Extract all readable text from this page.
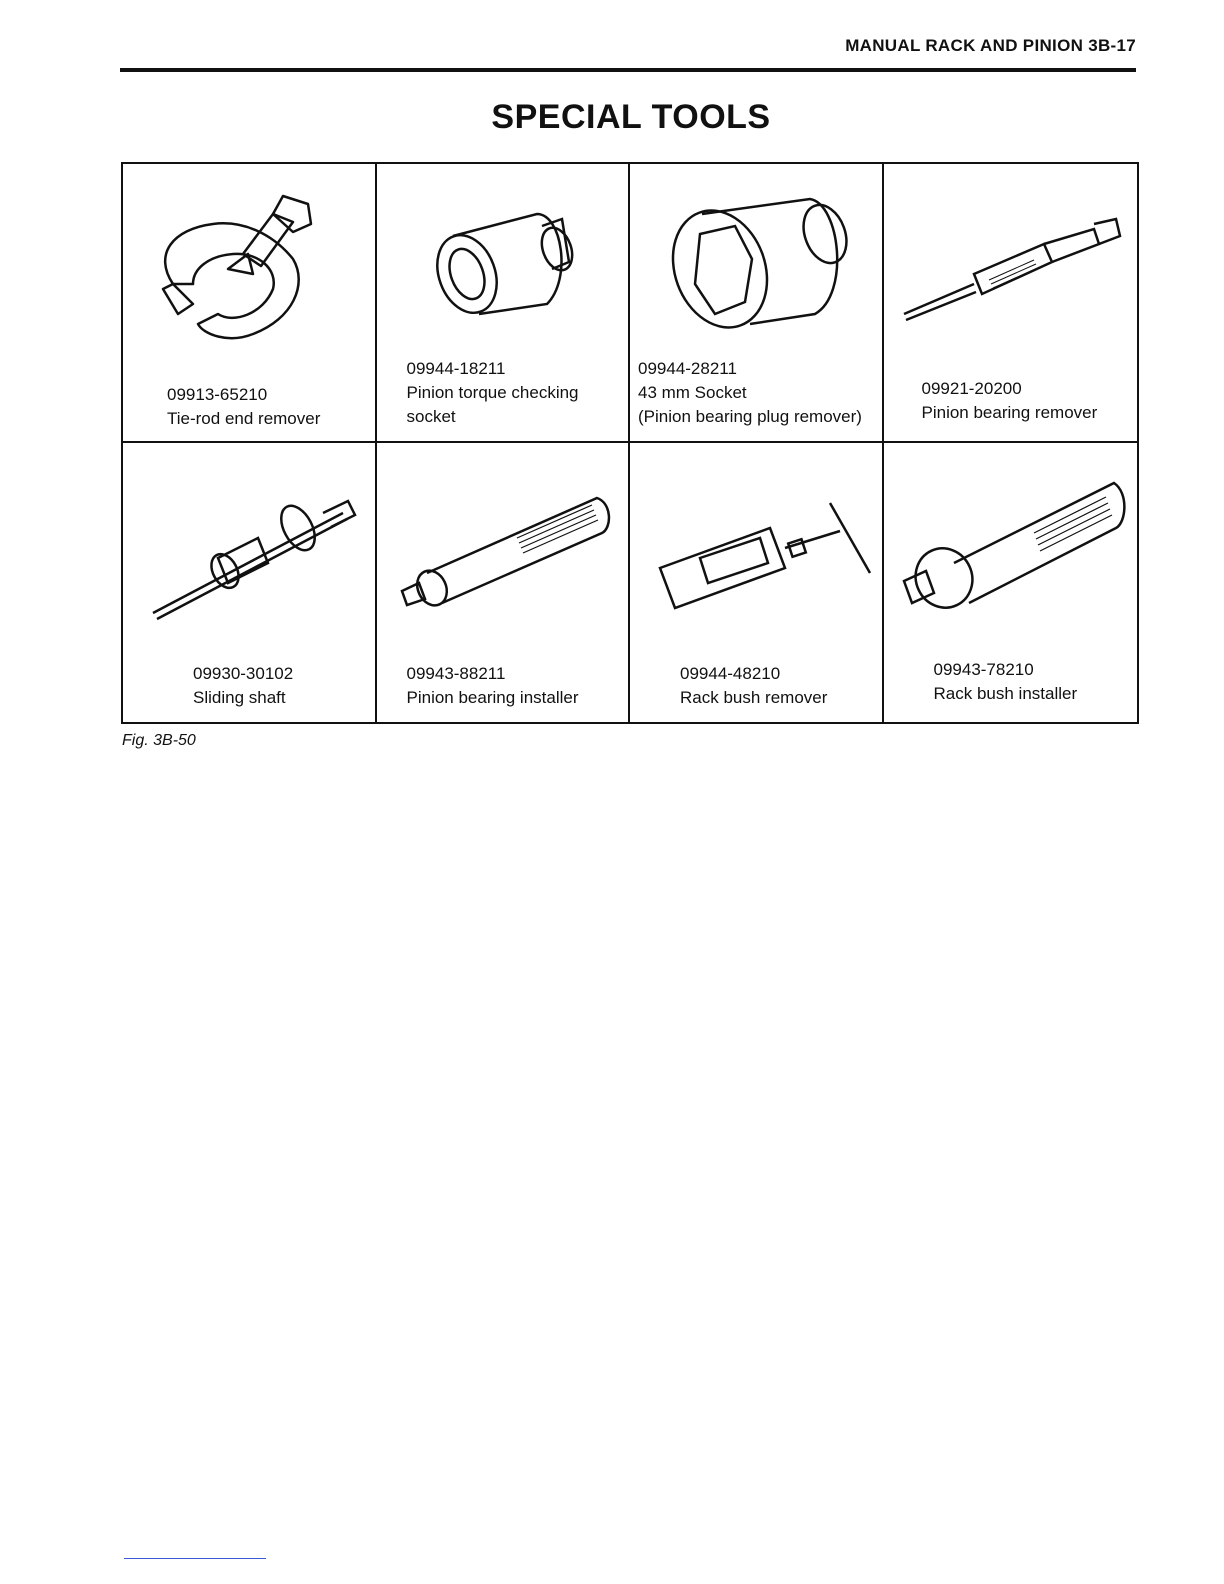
MANUAL RACK AND PINION 3B-17
SPECIAL TOOLS
09913-65210
Tie-rod end remover
09944-18211
Pinion torque checking
socket
09944-28211
43 mm Socket
(Pinion bearing plug remover)
09921-20200
Pinion bearing remover
09930-30102
Sliding shaft
09943-88211
Pinion bearing installer
09944-48210
Rack bush remover
09943-78210
Rack bush installer
Fig. 3B-50
